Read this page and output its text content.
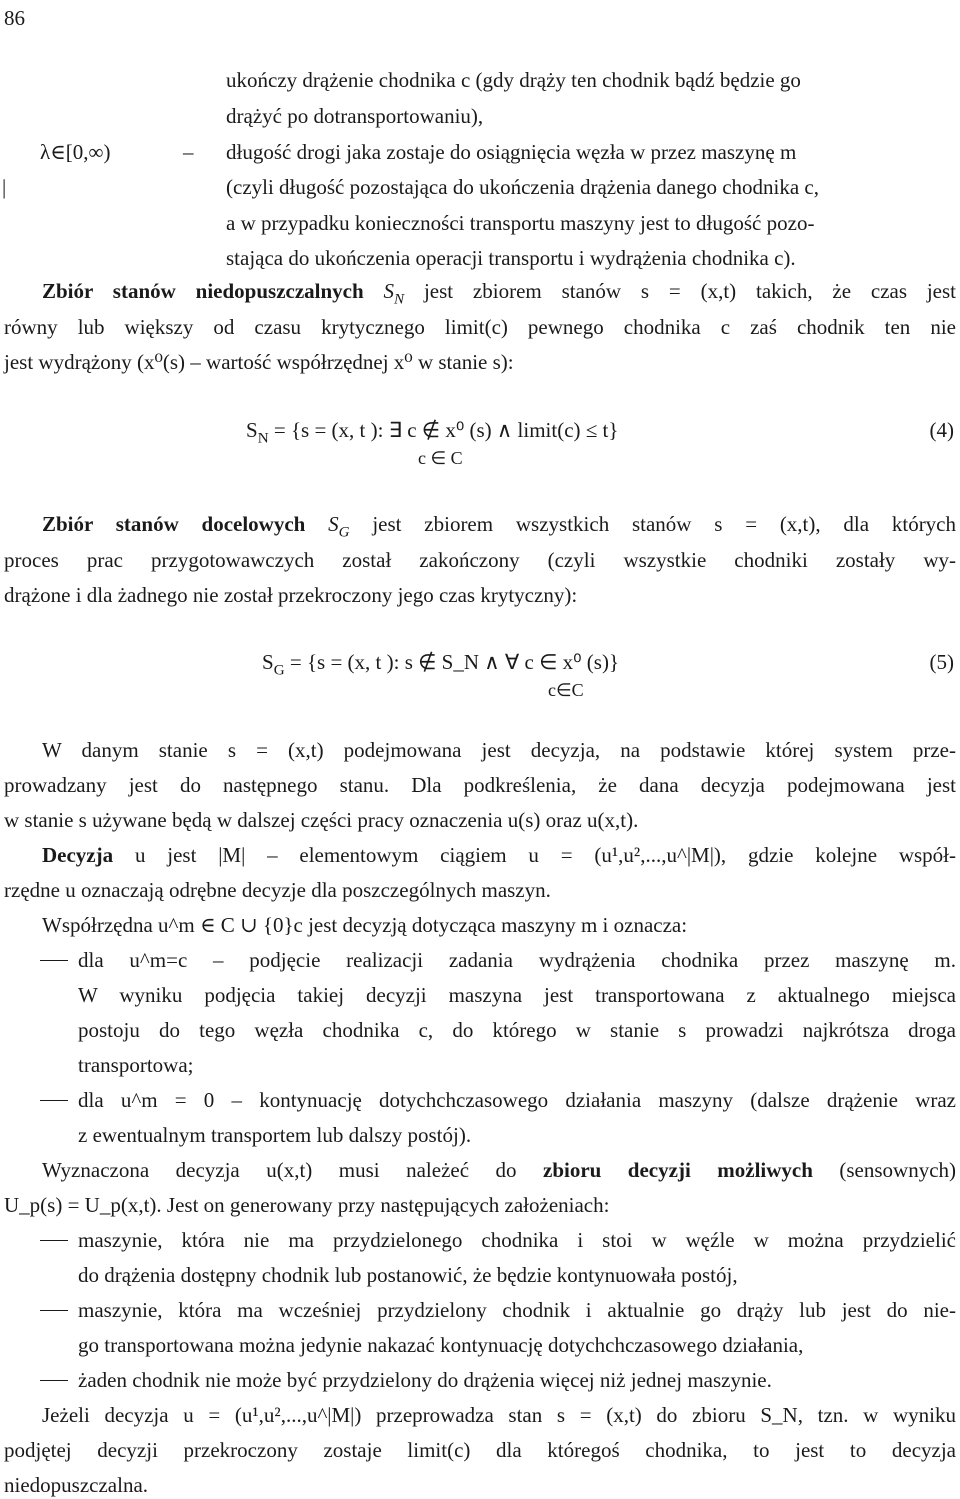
86
ukończy drążenie chodnika c (gdy drąży ten chodnik bądź będzie go
drążyć po dotransportowaniu),
λ∈[0,∞)	– długość drogi jaka zostaje do osiągnięcia węzła w przez maszynę m
|	(czyli długość pozostająca do ukończenia drążenia danego chodnika c,
a w przypadku konieczności transportu maszyny jest to długość pozo-
stająca do ukończenia operacji transportu i wydrążenia chodnika c).
Zbiór stanów niedopuszczalnych $S_N$ jest zbiorem stanów s = (x,t) takich, że czas jest
równy lub większy od czasu krytycznego limit(c) pewnego chodnika c zaś chodnik ten nie
jest wydrążony (x⁰(s) – wartość współrzędnej x⁰ w stanie s):
$S_N = \{s = (x$, t ): ∃ c ∉ x⁰ (s) ∧ limit(c) ≤ t}
c ∈ C
(4)
Zbiór stanów docelowych $S_G$ jest zbiorem wszystkich stanów s = (x,t), dla których
proces prac przygotowawczych został zakończony (czyli wszystkie chodniki zostały wy-
drążone i dla żadnego nie został przekroczony jego czas krytyczny):
$S_G = \{s = (x$, t ): s ∉ S_N ∧ ∀ c ∈ x⁰ (s)}
c∈C
(5)
W danym stanie s = (x,t) podejmowana jest decyzja, na podstawie której system prze-
prowadzany jest do następnego stanu. Dla podkreślenia, że dana decyzja podejmowana jest
w stanie s używane będą w dalszej części pracy oznaczenia u(s) oraz u(x,t).
Decyzja u jest |M| – elementowym ciągiem u = (u¹,u²,...,u^|M|), gdzie kolejne współ-
rzędne u oznaczają odrębne decyzje dla poszczególnych maszyn.
Współrzędna u^m ∈ C ∪ {0}c jest decyzją dotycząca maszyny m i oznacza:
dla u^m=c – podjęcie realizacji zadania wydrążenia chodnika przez maszynę m.
W wyniku podjęcia takiej decyzji maszyna jest transportowana z aktualnego miejsca
postoju do tego węzła chodnika c, do którego w stanie s prowadzi najkrótsza droga
transportowa;
dla u^m = 0 – kontynuację dotychchczasowego działania maszyny (dalsze drążenie wraz
z ewentualnym transportem lub dalszy postój).
Wyznaczona decyzja u(x,t) musi należeć do zbioru decyzji możliwych (sensownych)
U_p(s) = U_p(x,t). Jest on generowany przy następujących założeniach:
maszynie, która nie ma przydzielonego chodnika i stoi w węźle w można przydzielić
do drążenia dostępny chodnik lub postanowić, że będzie kontynuowała postój,
maszynie, która ma wcześniej przydzielony chodnik i aktualnie go drąży lub jest do nie-
go transportowana można jedynie nakazać kontynuację dotychchczasowego działania,
żaden chodnik nie może być przydzielony do drążenia więcej niż jednej maszynie.
Jeżeli decyzja u = (u¹,u²,...,u^|M|) przeprowadza stan s = (x,t) do zbioru S_N, tzn. w wyniku
podjętej decyzji przekroczony zostaje limit(c) dla któregoś chodnika, to jest to decyzja
niedopuszczalna.
